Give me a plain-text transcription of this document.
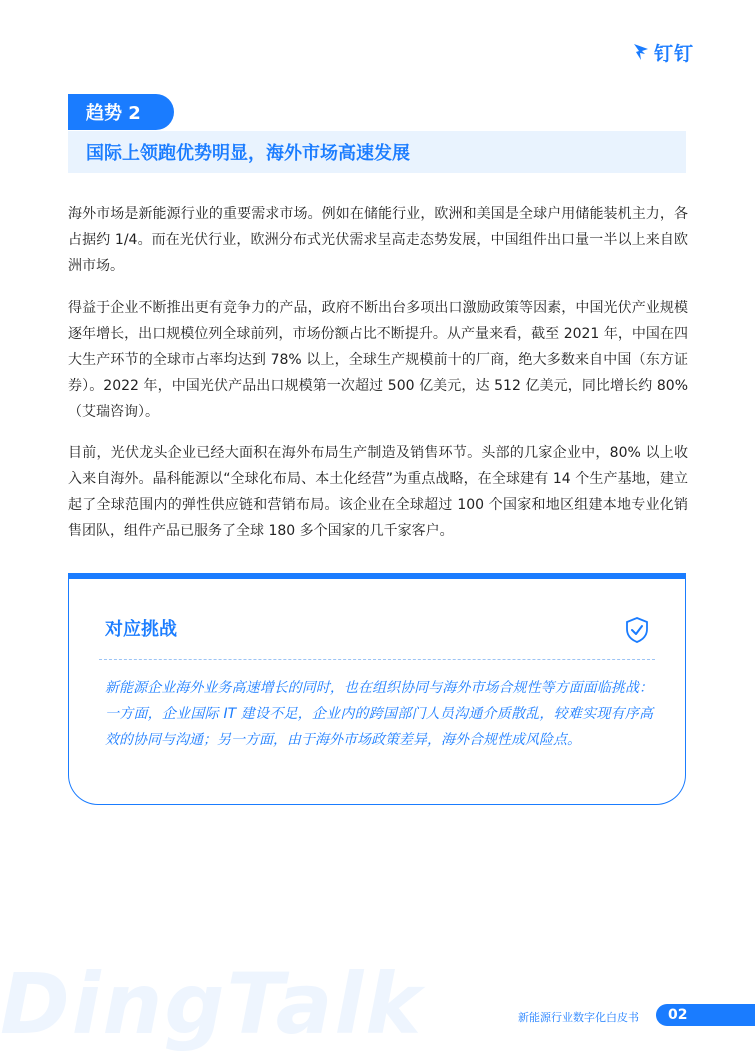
钉钉
趋势 2
国际上领跑优势明显，海外市场高速发展

海外市场是新能源行业的重要需求市场。例如在储能行业，欧洲和美国是全球户用储能装机主力，各占据约 1/4。而在光伏行业，欧洲分布式光伏需求呈高走态势发展，中国组件出口量一半以上来自欧洲市场。

得益于企业不断推出更有竞争力的产品，政府不断出台多项出口激励政策等因素，中国光伏产业规模逐年增长，出口规模位列全球前列，市场份额占比不断提升。从产量来看，截至 2021 年，中国在四大生产环节的全球市占率均达到 78% 以上，全球生产规模前十的厂商，绝大多数来自中国（东方证券）。2022 年，中国光伏产品出口规模第一次超过 500 亿美元，达 512 亿美元，同比增长约 80%（艾瑞咨询）。

目前，光伏龙头企业已经大面积在海外布局生产制造及销售环节。头部的几家企业中，80% 以上收入来自海外。晶科能源以“全球化布局、本土化经营”为重点战略，在全球建有 14 个生产基地，建立起了全球范围内的弹性供应链和营销布局。该企业在全球超过 100 个国家和地区组建本地专业化销售团队，组件产品已服务了全球 180 多个国家的几千家客户。

对应挑战

新能源企业海外业务高速增长的同时，也在组织协同与海外市场合规性等方面面临挑战：一方面，企业国际 IT 建设不足，企业内的跨国部门人员沟通介质散乱，较难实现有序高效的协同与沟通；另一方面，由于海外市场政策差异，海外合规性成风险点。

DingTalk	新能源行业数字化白皮书	02
